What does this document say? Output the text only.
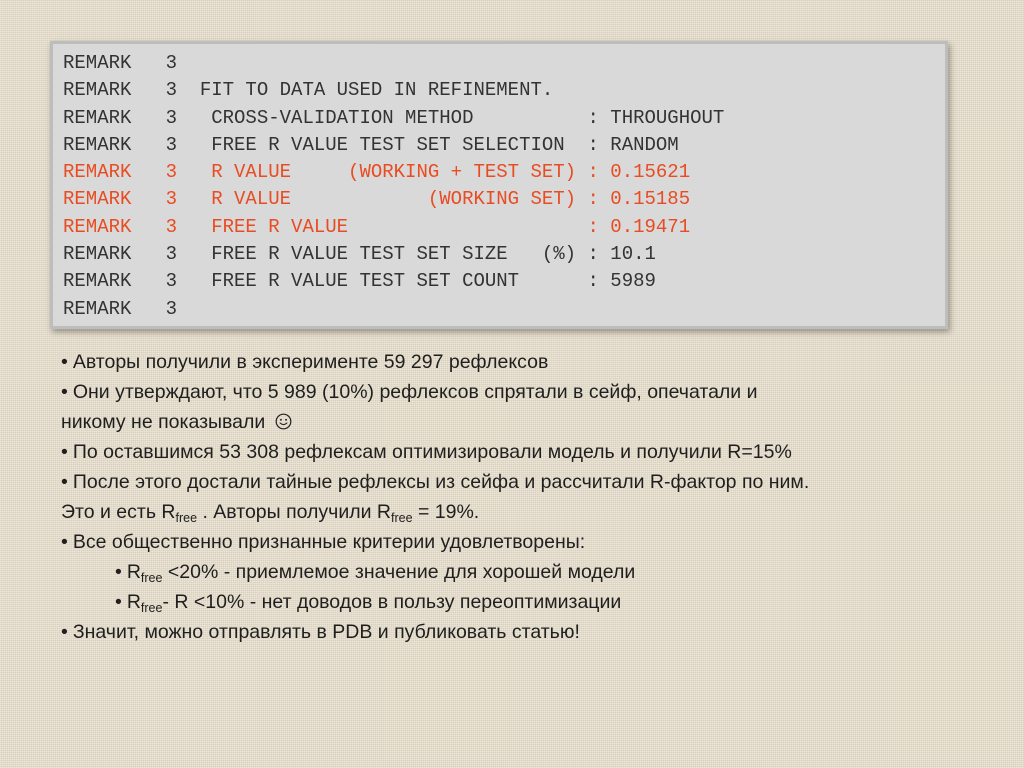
REMARK   3
REMARK   3  FIT TO DATA USED IN REFINEMENT.
REMARK   3   CROSS-VALIDATION METHOD          : THROUGHOUT
REMARK   3   FREE R VALUE TEST SET SELECTION  : RANDOM
REMARK   3   R VALUE     (WORKING + TEST SET) : 0.15621
REMARK   3   R VALUE            (WORKING SET) : 0.15185
REMARK   3   FREE R VALUE                     : 0.19471
REMARK   3   FREE R VALUE TEST SET SIZE   (%) : 10.1
REMARK   3   FREE R VALUE TEST SET COUNT      : 5989
REMARK   3
• Авторы получили в эксперименте 59 297 рефлексов
• Они утверждают, что 5 989 (10%) рефлексов спрятали в сейф, опечатали и
никому не показывали
• По оставшимся 53 308 рефлексам оптимизировали модель и получили R=15%
• После этого достали тайные рефлексы из сейфа и рассчитали R-фактор по ним.
Это и есть $R_{free}$ . Авторы получили $R_{free} = 19\%$.
• Все общественно признанные критерии удовлетворены:
• $R_{free} <20\%$ - приемлемое значение для хорошей модели
• $R_{free}-$ R <10% - нет доводов в пользу переоптимизации
• Значит, можно отправлять в PDB и публиковать статью!
